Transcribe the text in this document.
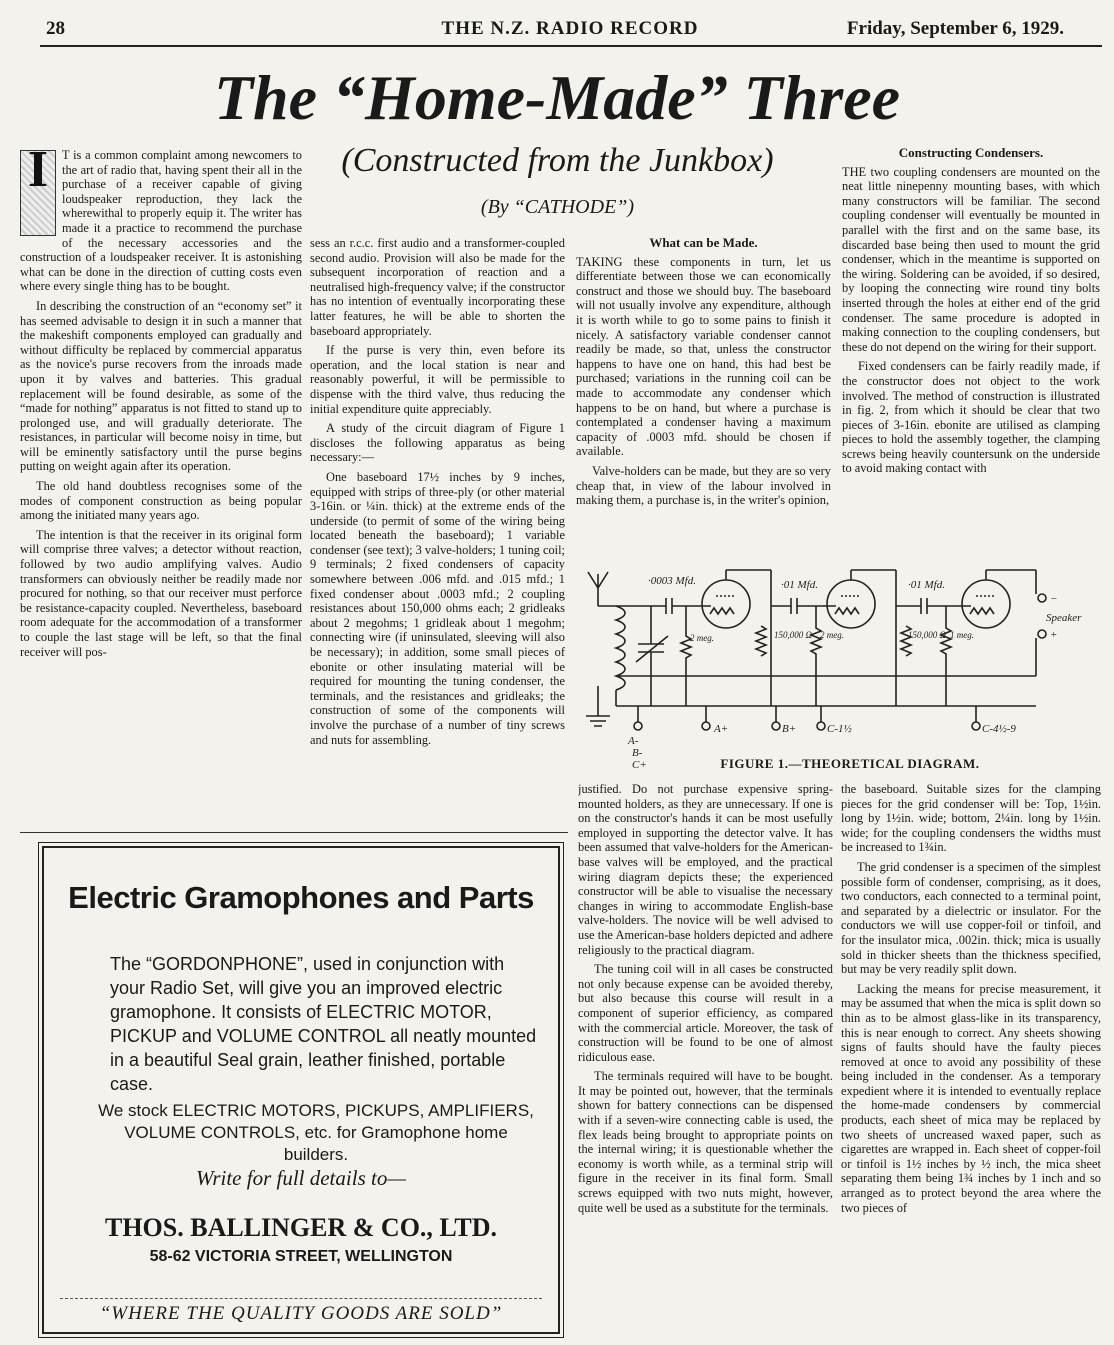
28	THE N.Z. RADIO RECORD	Friday, September 6, 1929.
The “Home-Made” Three
(Constructed from the Junkbox)
(By “CATHODE”)
I	T is a common complaint among newcomers to the art of radio that, having spent their all in the purchase of a receiver capable of giving loudspeaker reproduction, they lack the wherewithal to properly equip it. The writer has made it a practice to recommend the purchase of the necessary accessories and the construction of a loudspeaker receiver. It is astonishing what can be done in the direction of cutting costs even where every single thing has to be bought.

In describing the construction of an “economy set” it has seemed advisable to design it in such a manner that the makeshift components employed can gradually and without difficulty be replaced by commercial apparatus as the novice's purse recovers from the inroads made upon it by valves and batteries. This gradual replacement will be found desirable, as some of the “made for nothing” apparatus is not fitted to stand up to prolonged use, and will gradually deteriorate. The resistances, in particular will become noisy in time, but will be eminently satisfactory until the purse begins putting on weight again after its operation.

The old hand doubtless recognises some of the modes of component construction as being popular among the initiated many years ago.

The intention is that the receiver in its original form will comprise three valves; a detector without reaction, followed by two audio amplifying valves. Audio transformers can obviously neither be readily made nor procured for nothing, so that our receiver must perforce be resistance-capacity coupled. Nevertheless, baseboard room adequate for the accommodation of a transformer to couple the last stage will be left, so that the final receiver will pos-

sess an r.c.c. first audio and a transformer-coupled second audio. Provision will also be made for the subsequent incorporation of reaction and a neutralised high-frequency valve; if the constructor has no intention of eventually incorporating these latter features, he will be able to shorten the baseboard appropriately.

If the purse is very thin, even before its operation, and the local station is near and reasonably powerful, it will be permissible to dispense with the third valve, thus reducing the initial expenditure quite appreciably.

A study of the circuit diagram of Figure 1 discloses the following apparatus as being necessary:—

One baseboard 17½ inches by 9 inches, equipped with strips of three-ply (or other material 3-16in. or ¼in. thick) at the extreme ends of the underside (to permit of some of the wiring being located beneath the baseboard); 1 variable condenser (see text); 3 valve-holders; 1 tuning coil; 9 terminals; 2 fixed condensers of capacity somewhere between .006 mfd. and .015 mfd.; 1 fixed condenser about .0003 mfd.; 2 coupling resistances about 150,000 ohms each; 2 gridleaks about 2 megohms; 1 gridleak about 1 megohm; connecting wire (if uninsulated, sleeving will also be necessary); in addition, some small pieces of ebonite or other insulating material will be required for mounting the tuning condenser, the terminals, and the resistances and gridleaks; the construction of some of the components will involve the purchase of a number of tiny screws and nuts for assembling.

What can be Made.

TAKING these components in turn, let us differentiate between those we can economically construct and those we should buy. The baseboard will not usually involve any expenditure, although it is worth while to go to some pains to finish it nicely. A satisfactory variable condenser cannot readily be made, so that, unless the constructor happens to have one on hand, this had best be purchased; variations in the running coil can be made to accommodate any condenser which happens to be on hand, but where a purchase is contemplated a condenser having a maximum capacity of .0003 mfd. should be chosen if available.

Valve-holders can be made, but they are so very cheap that, in view of the labour involved in making them, a purchase is, in the writer's opinion,

Constructing Condensers.

THE two coupling condensers are mounted on the neat little ninepenny mounting bases, with which many constructors will be familiar. The second coupling condenser will eventually be mounted in parallel with the first and on the same base, its discarded base being then used to mount the grid condenser, which in the meantime is supported on the wiring. Soldering can be avoided, if so desired, by looping the connecting wire round tiny bolts inserted through the holes at either end of the grid condenser. The same procedure is adopted in making connection to the coupling condensers, but these do not depend on the wiring for their support.

Fixed condensers can be fairly readily made, if the constructor does not object to the work involved. The method of construction is illustrated in fig. 2, from which it should be clear that two pieces of 3-16in. ebonite are utilised as clamping pieces to hold the assembly together, the clamping screws being heavily countersunk on the underside to avoid making contact with

·0003 Mfd.	·01 Mfd.	·01 Mfd.
2 meg.	150,000 Ω 2 meg.	150,000 Ω 1 meg.
Speaker
−
+
A-
B-
C+
A+	B+	C-1½	C-4½-9
FIGURE 1.—THEORETICAL DIAGRAM.

justified. Do not purchase expensive spring-mounted holders, as they are unnecessary. If one is on the constructor's hands it can be most usefully employed in supporting the detector valve. It has been assumed that valve-holders for the American-base valves will be employed, and the practical wiring diagram depicts these; the experienced constructor will be able to visualise the necessary changes in wiring to accommodate English-base valve-holders. The novice will be well advised to use the American-base holders depicted and adhere religiously to the practical diagram.

The tuning coil will in all cases be constructed not only because expense can be avoided thereby, but also because this course will result in a component of superior efficiency, as compared with the commercial article. Moreover, the task of construction will be found to be one of almost ridiculous ease.

The terminals required will have to be bought. It may be pointed out, however, that the terminals shown for battery connections can be dispensed with if a seven-wire connecting cable is used, the flex leads being brought to appropriate points on the internal wiring; it is questionable whether the economy is worth while, as a terminal strip will figure in the receiver in its final form. Small screws equipped with two nuts might, however, quite well be used as a substitute for the terminals.

the baseboard. Suitable sizes for the clamping pieces for the grid condenser will be: Top, 1½in. long by 1½in. wide; bottom, 2¼in. long by 1½in. wide; for the coupling condensers the widths must be increased to 1¾in.

The grid condenser is a specimen of the simplest possible form of condenser, comprising, as it does, two conductors, each connected to a terminal point, and separated by a dielectric or insulator. For the conductors we will use copper-foil or tinfoil, and for the insulator mica, .002in. thick; mica is usually sold in thicker sheets than the thickness specified, but may be very readily split down.

Lacking the means for precise measurement, it may be assumed that when the mica is split down so thin as to be almost glass-like in its transparency, this is near enough to correct. Any sheets showing signs of faults should have the faulty pieces removed at once to avoid any possibility of these being included in the condenser. As a temporary expedient where it is intended to eventually replace the home-made condensers by commercial products, each sheet of mica may be replaced by two sheets of uncreased waxed paper, such as cigarettes are wrapped in. Each sheet of copper-foil or tinfoil is 1½ inches by ½ inch, the mica sheet separating them being 1¾ inches by 1 inch and so arranged as to protect beyond the area where the two pieces of

Electric Gramophones and Parts
The “GORDONPHONE”, used in conjunction with your Radio Set, will give you an improved electric gramophone. It consists of ELECTRIC MOTOR, PICKUP and VOLUME CONTROL all neatly mounted in a beautiful Seal grain, leather finished, portable case.
We stock ELECTRIC MOTORS, PICKUPS, AMPLIFIERS, VOLUME CONTROLS, etc. for Gramophone home builders.
Write for full details to—
THOS. BALLINGER & CO., LTD.
58-62 VICTORIA STREET, WELLINGTON
“WHERE THE QUALITY GOODS ARE SOLD”
